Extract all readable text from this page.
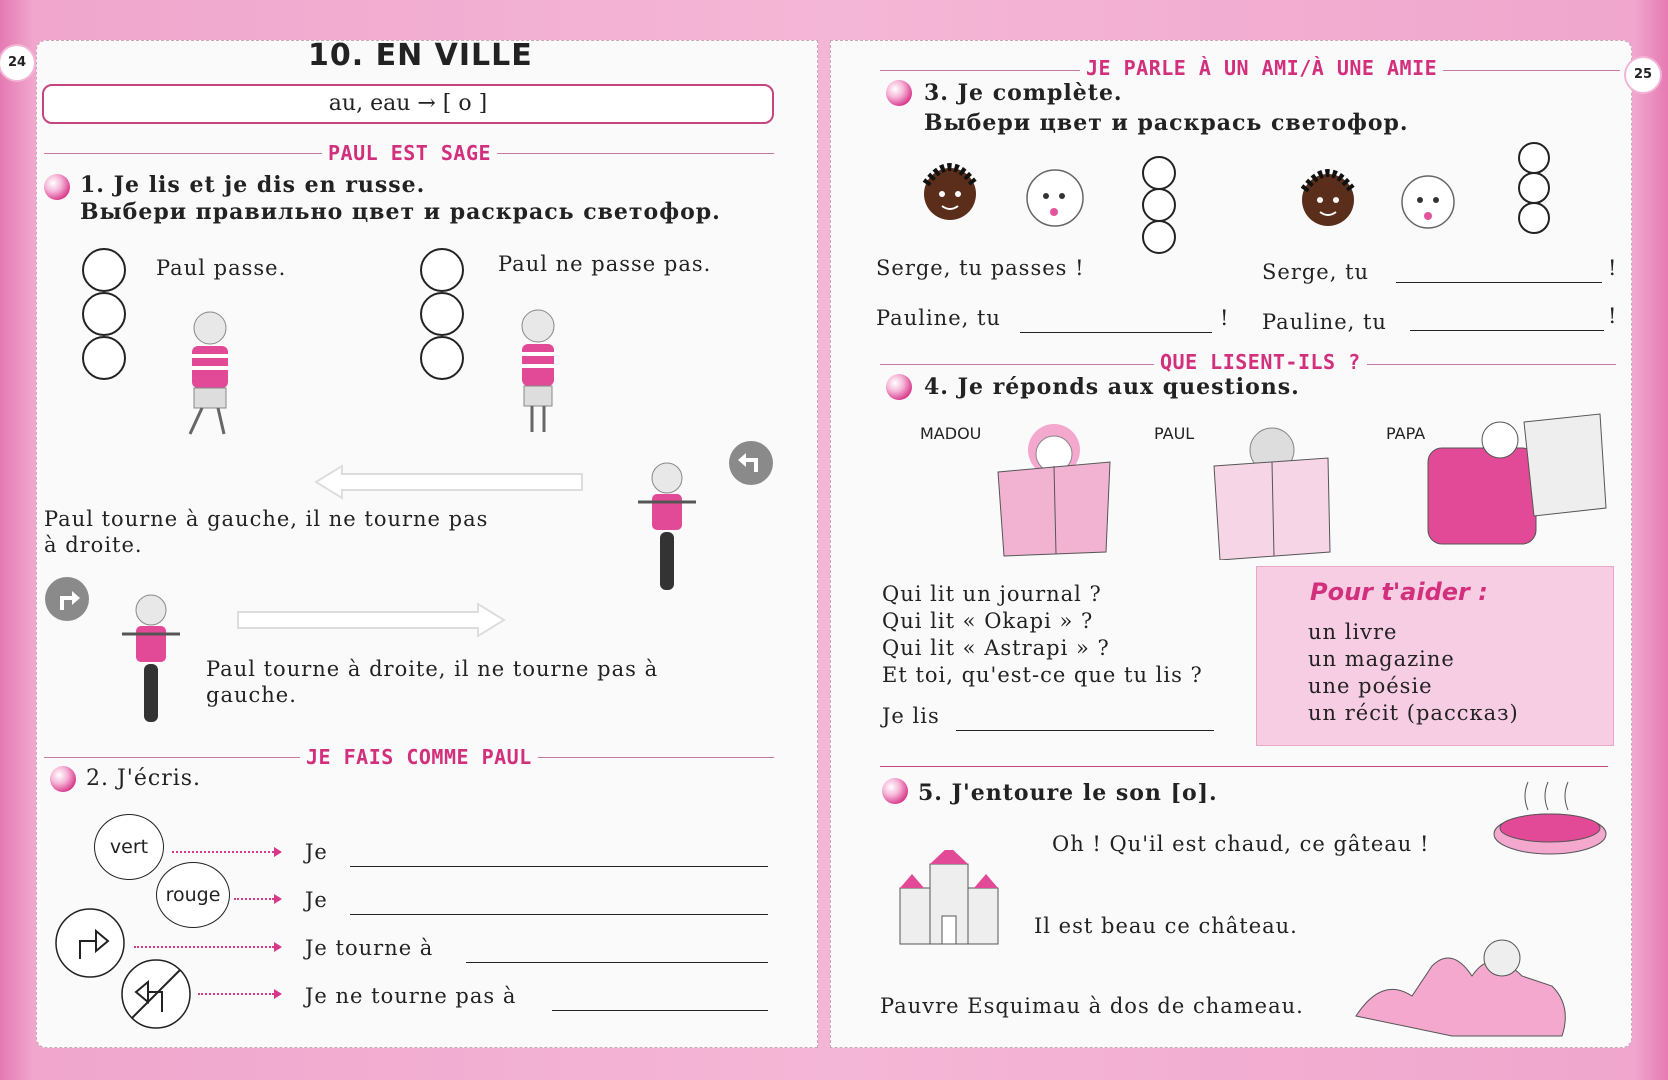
24	10. EN VILLE
au, eau → [ o ]
PAUL EST SAGE
1. Je lis et je dis en russe.
Выбери правильно цвет и раскрась светофор.
Paul passe.	Paul ne passe pas.
Paul tourne à gauche, il ne tourne pas
à droite.
Paul tourne à droite, il ne tourne pas à
gauche.
JE FAIS COMME PAUL
2. J'écris.
vert	Je
rouge	Je
Je tourne à
Je ne tourne pas à
25
JE PARLE À UN AMI/À UNE AMIE
3. Je complète.
Выбери цвет и раскрась светофор.
Serge, tu passes !
Pauline, tu	!
Serge, tu	!
Pauline, tu	!
QUE LISENT-ILS ?
4. Je réponds aux questions.
MADOU	PAUL	PAPA
Qui lit un journal ?
Qui lit « Okapi » ?
Qui lit « Astrapi » ?
Et toi, qu'est-ce que tu lis ?
Je lis
Pour t'aider :
un livre
un magazine
une poésie
un récit (рассказ)
5. J'entoure le son [o].
Oh ! Qu'il est chaud, ce gâteau !
Il est beau ce château.
Pauvre Esquimau à dos de chameau.
